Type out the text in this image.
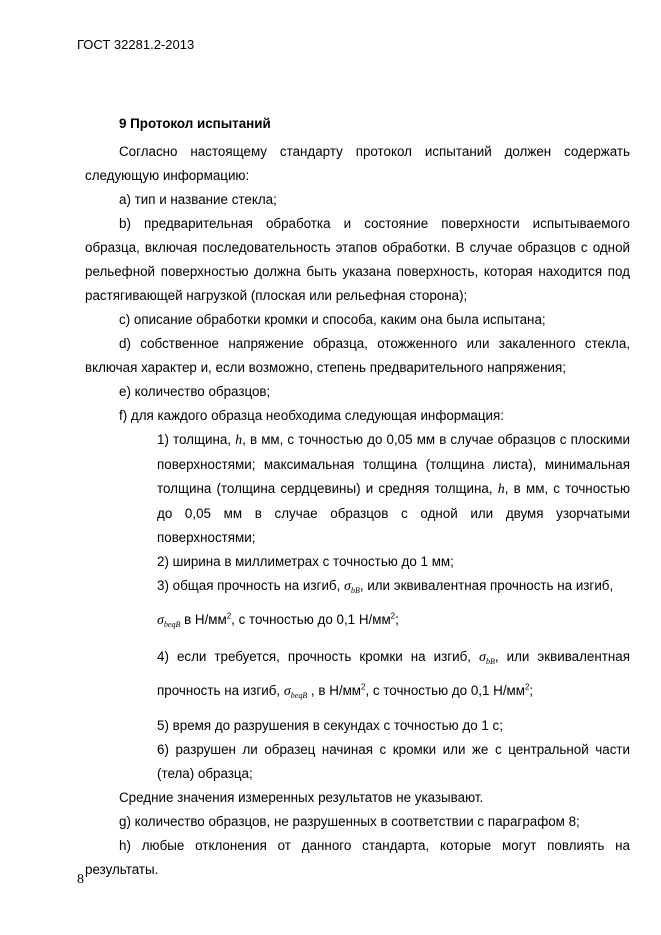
ГОСТ 32281.2-2013

9 Протокол испытаний

Согласно настоящему стандарту протокол испытаний должен содержать следующую информацию:

а) тип и название стекла;

b) предварительная обработка и состояние поверхности испытываемого образца, включая последовательность этапов обработки. В случае образцов с одной рельефной поверхностью должна быть указана поверхность, которая находится под растягивающей нагрузкой (плоская или рельефная сторона);

с) описание обработки кромки и способа, каким она была испытана;

d) собственное напряжение образца, отожженного или закаленного стекла, включая характер и, если возможно, степень предварительного напряжения;

е) количество образцов;

f) для каждого образца необходима следующая информация:

1) толщина, h, в мм, с точностью до 0,05 мм в случае образцов с плоскими поверхностями; максимальная толщина (толщина листа), минимальная толщина (толщина сердцевины) и средняя толщина, h, в мм, с точностью до 0,05 мм в случае образцов с одной или двумя узорчатыми поверхностями;

2) ширина в миллиметрах с точностью до 1 мм;

3) общая прочность на изгиб, $\sigma_{bB}$, или эквивалентная прочность на изгиб,

$\sigma_{beqB}$ в $Н/мм^2$, с точностью до 0,1 $Н/мм^2$;

4) если требуется, прочность кромки на изгиб, $\sigma_{bB}$, или эквивалентная прочность на изгиб, $\sigma_{beqB}$ , в $Н/мм^2$, с точностью до 0,1 $Н/мм^2$;

5) время до разрушения в секундах с точностью до 1 с;

6) разрушен ли образец начиная с кромки или же с центральной части (тела) образца;

Средние значения измеренных результатов не указывают.

g) количество образцов, не разрушенных в соответствии с параграфом 8;

h) любые отклонения от данного стандарта, которые могут повлиять на результаты.

8
